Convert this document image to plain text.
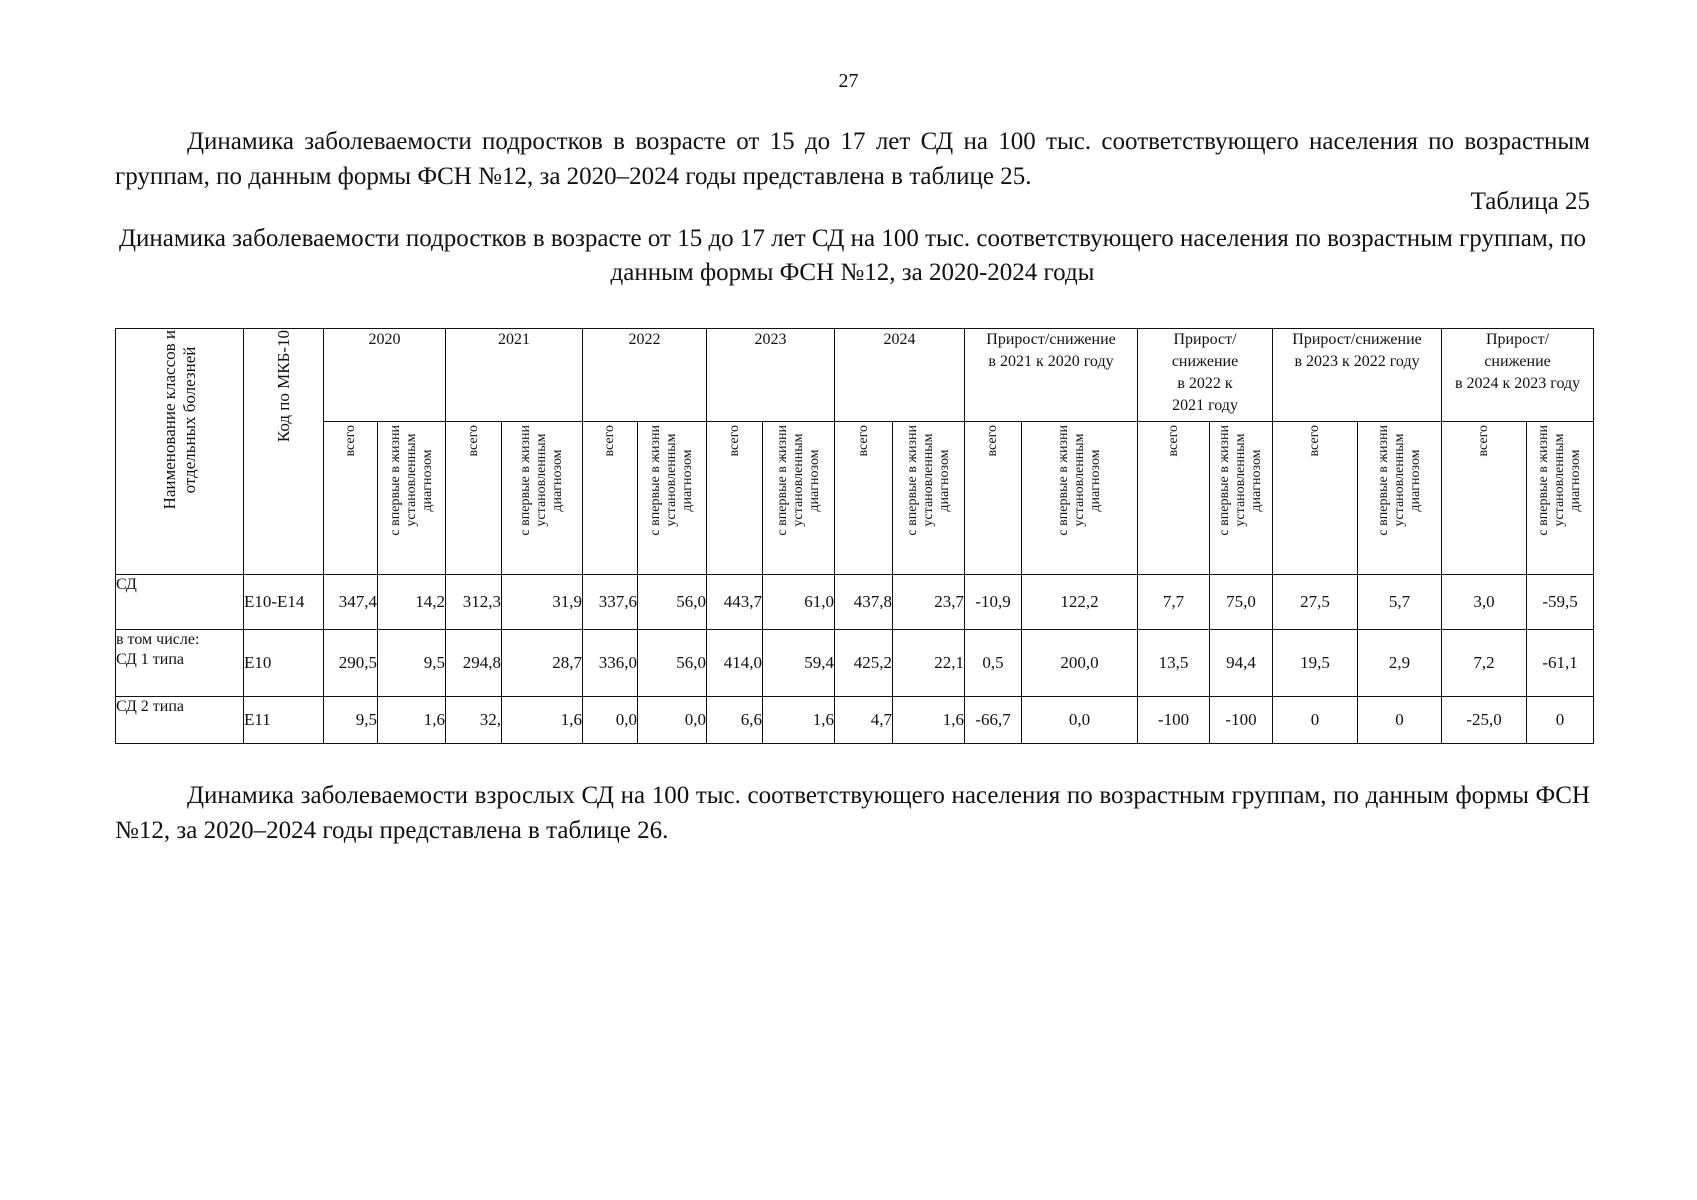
27

Динамика заболеваемости подростков в возрасте от 15 до 17 лет СД на 100 тыс. соответствующего населения по возрастным группам, по данным формы ФСН №12, за 2020–2024 годы представлена в таблице 25.

Таблица 25
Динамика заболеваемости подростков в возрасте от 15 до 17 лет СД на 100 тыс. соответствующего населения по возрастным группам, по данным формы ФСН №12, за 2020-2024 годы
Наименование классов и
отдельных болезней	Код по МКБ-10	2020		2021		2022		2023		2024		Прирост/снижение
в 2021 к 2020 году		Прирост/
снижение
в 2022 к
2021 году		Прирост/снижение
в 2023 к 2022 году		Прирост/
снижение
в 2024 к 2023 году	

		всего	с впервые в жизни
установленным
диагнозом	всего	с впервые в жизни
установленным
диагнозом	всего	с впервые в жизни
установленным
диагнозом	всего	с впервые в жизни
установленным
диагнозом	всего	с впервые в жизни
установленным
диагнозом	всего	с впервые в жизни
установленным
диагнозом	всего	с впервые в жизни
установленным
диагнозом	всего	с впервые в жизни
установленным
диагнозом	всего	с впервые в жизни
установленным
диагнозом

СД	E10-E14	347,4	14,2	312,3	31,9	337,6	56,0	443,7	61,0	437,8	23,7	-10,9	122,2	7,7	75,0	27,5	5,7	3,0	-59,5
в том числе:
СД 1 типа	E10	290,5	9,5	294,8	28,7	336,0	56,0	414,0	59,4	425,2	22,1	0,5	200,0	13,5	94,4	19,5	2,9	7,2	-61,1
СД 2 типа	E11	9,5	1,6	32,	1,6	0,0	0,0	6,6	1,6	4,7	1,6	-66,7	0,0	-100	-100	0	0	-25,0	0

Динамика заболеваемости взрослых СД на 100 тыс. соответствующего населения по возрастным группам, по данным формы ФСН №12, за 2020–2024 годы представлена в таблице 26.
